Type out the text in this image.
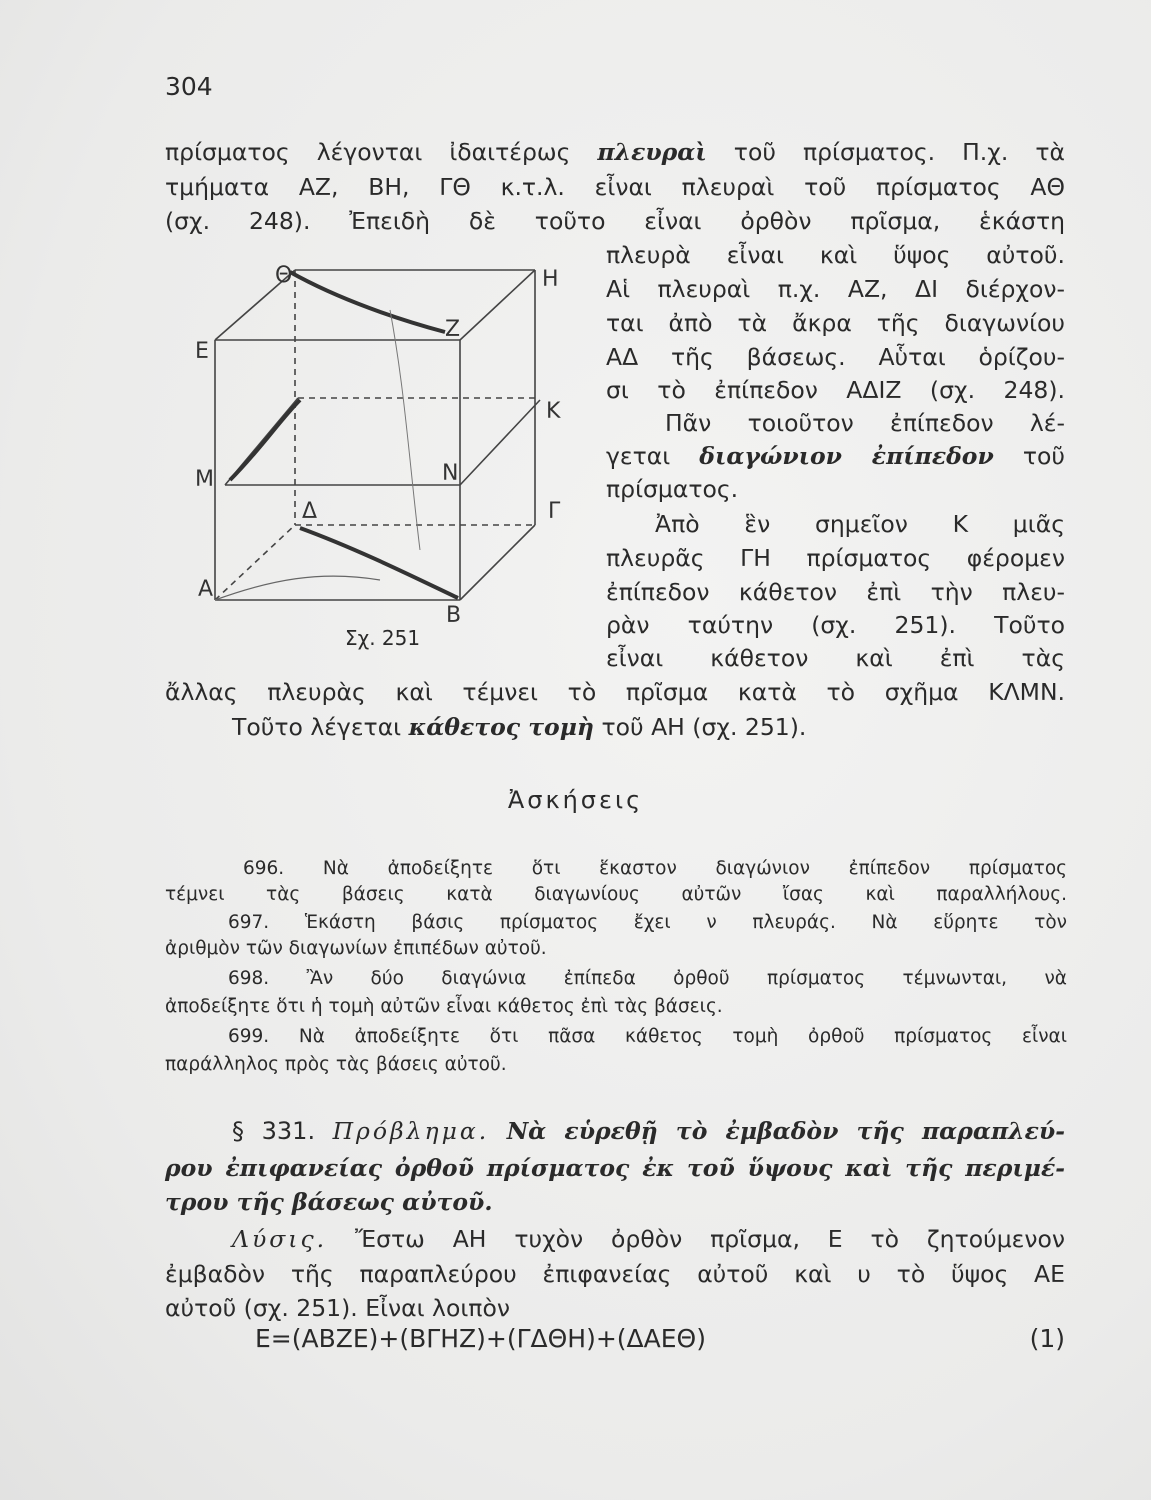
304
πρίσματος λέγονται ἰδαιτέρως πλευραὶ τοῦ πρίσματος. Π.χ. τὰ
τμήματα ΑΖ, ΒΗ, ΓΘ κ.τ.λ. εἶναι πλευραὶ τοῦ πρίσματος ΑΘ
(σχ. 248). Ἐπειδὴ δὲ τοῦτο εἶναι ὀρθὸν πρῖσμα, ἑκάστη
πλευρὰ εἶναι καὶ ὕψος αὐτοῦ.
Αἱ πλευραὶ π.χ. ΑΖ, ΔΙ διέρχον-
ται ἀπὸ τὰ ἄκρα τῆς διαγωνίου
ΑΔ τῆς βάσεως. Αὗται ὁρίζου-
σι τὸ ἐπίπεδον ΑΔΙΖ (σχ. 248).
Πᾶν τοιοῦτον ἐπίπεδον λέ-
γεται διαγώνιον ἐπίπεδον τοῦ
πρίσματος.
Ἀπὸ ἓν σημεῖον Κ μιᾶς
πλευρᾶς ΓΗ πρίσματος φέρομεν
ἐπίπεδον κάθετον ἐπὶ τὴν πλευ-
ρὰν ταύτην (σχ. 251). Τοῦτο
εἶναι κάθετον καὶ ἐπὶ τὰς
ἄλλας πλευρὰς καὶ τέμνει τὸ πρῖσμα κατὰ τὸ σχῆμα ΚΛΜΝ.
Τοῦτο λέγεται κάθετος τομὴ τοῦ ΑΗ (σχ. 251).
Θ	Η
Ζ
Ε
Κ
Μ	Ν
Δ	Γ
Α
Β
Σχ. 251
Ἀσκήσεις
696. Νὰ ἀποδείξητε ὅτι ἕκαστον διαγώνιον ἐπίπεδον πρίσματος
τέμνει τὰς βάσεις κατὰ διαγωνίους αὐτῶν ἴσας καὶ παραλλήλους.
697. Ἑκάστη βάσις πρίσματος ἔχει ν πλευράς. Νὰ εὕρητε τὸν
ἀριθμὸν τῶν διαγωνίων ἐπιπέδων αὐτοῦ.
698. Ἂν δύο διαγώνια ἐπίπεδα ὀρθοῦ πρίσματος τέμνωνται, νὰ
ἀποδείξητε ὅτι ἡ τομὴ αὐτῶν εἶναι κάθετος ἐπὶ τὰς βάσεις.
699. Νὰ ἀποδείξητε ὅτι πᾶσα κάθετος τομὴ ὀρθοῦ πρίσματος εἶναι
παράλληλος πρὸς τὰς βάσεις αὐτοῦ.
§ 331. Πρόβλημα. Νὰ εὑρεθῇ τὸ ἐμβαδὸν τῆς παραπλεύ-
ρου ἐπιφανείας ὀρθοῦ πρίσματος ἐκ τοῦ ὕψους καὶ τῆς περιμέ-
τρου τῆς βάσεως αὐτοῦ.
Λύσις. Ἔστω ΑΗ τυχὸν ὀρθὸν πρῖσμα, Ε τὸ ζητούμενον
ἐμβαδὸν τῆς παραπλεύρου ἐπιφανείας αὐτοῦ καὶ υ τὸ ὕψος ΑΕ
αὐτοῦ (σχ. 251). Εἶναι λοιπὸν
Ε=(ΑΒΖΕ)+(ΒΓΗΖ)+(ΓΔΘΗ)+(ΔΑΕΘ)	(1)
